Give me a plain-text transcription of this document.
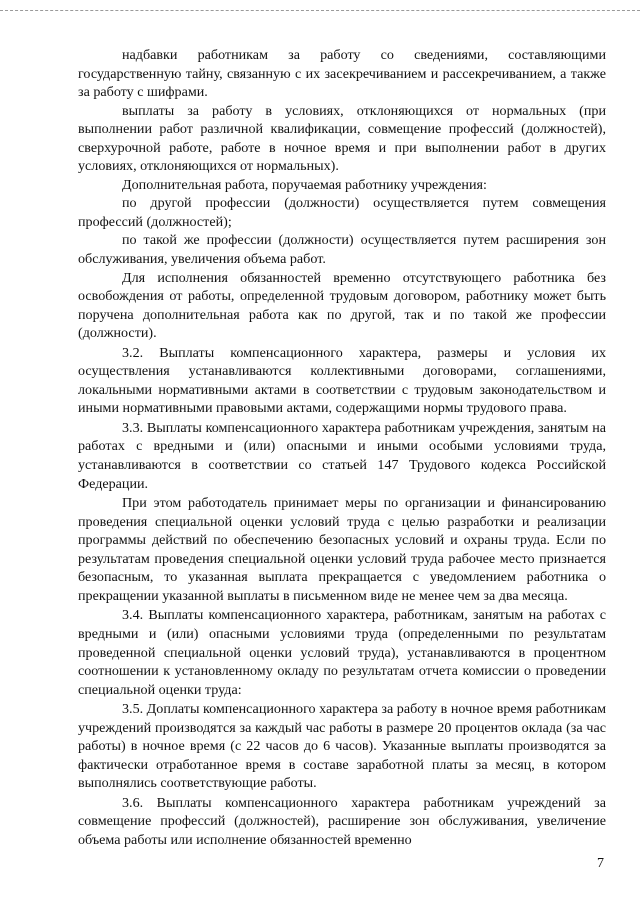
надбавки работникам за работу со сведениями, составляющими государственную тайну, связанную с их засекречиванием и рассекречиванием, а также за работу с шифрами.

выплаты за работу в условиях, отклоняющихся от нормальных (при выполнении работ различной квалификации, совмещение профессий (должностей), сверхурочной работе, работе в ночное время и при выполнении работ в других условиях, отклоняющихся от нормальных).

Дополнительная работа, поручаемая работнику учреждения:

по другой профессии (должности) осуществляется путем совмещения профессий (должностей);

по такой же профессии (должности) осуществляется путем расширения зон обслуживания, увеличения объема работ.

Для исполнения обязанностей временно отсутствующего работника без освобождения от работы, определенной трудовым договором, работнику может быть поручена дополнительная работа как по другой, так и по такой же профессии (должности).

3.2. Выплаты компенсационного характера, размеры и условия их осуществления устанавливаются коллективными договорами, соглашениями, локальными нормативными актами в соответствии с трудовым законодательством и иными нормативными правовыми актами, содержащими нормы трудового права.

3.3. Выплаты компенсационного характера работникам учреждения, занятым на работах с вредными и (или) опасными и иными особыми условиями труда, устанавливаются в соответствии со статьей 147 Трудового кодекса Российской Федерации.

При этом работодатель принимает меры по организации и финансированию проведения специальной оценки условий труда с целью разработки и реализации программы действий по обеспечению безопасных условий и охраны труда. Если по результатам проведения специальной оценки условий труда рабочее место признается безопасным, то указанная выплата прекращается с уведомлением работника о прекращении указанной выплаты в письменном виде не менее чем за два месяца.

3.4. Выплаты компенсационного характера, работникам, занятым на работах с вредными и (или) опасными условиями труда (определенными по результатам проведенной специальной оценки условий труда), устанавливаются в процентном соотношении к установленному окладу по результатам отчета комиссии о проведении специальной оценки труда:

3.5. Доплаты компенсационного характера за работу в ночное время работникам учреждений производятся за каждый час работы в размере 20 процентов оклада (за час работы) в ночное время (с 22 часов до 6 часов). Указанные выплаты производятся за фактически отработанное время в составе заработной платы за месяц, в котором выполнялись соответствующие работы.

3.6. Выплаты компенсационного характера работникам учреждений за совмещение профессий (должностей), расширение зон обслуживания, увеличение объема работы или исполнение обязанностей временно

7
